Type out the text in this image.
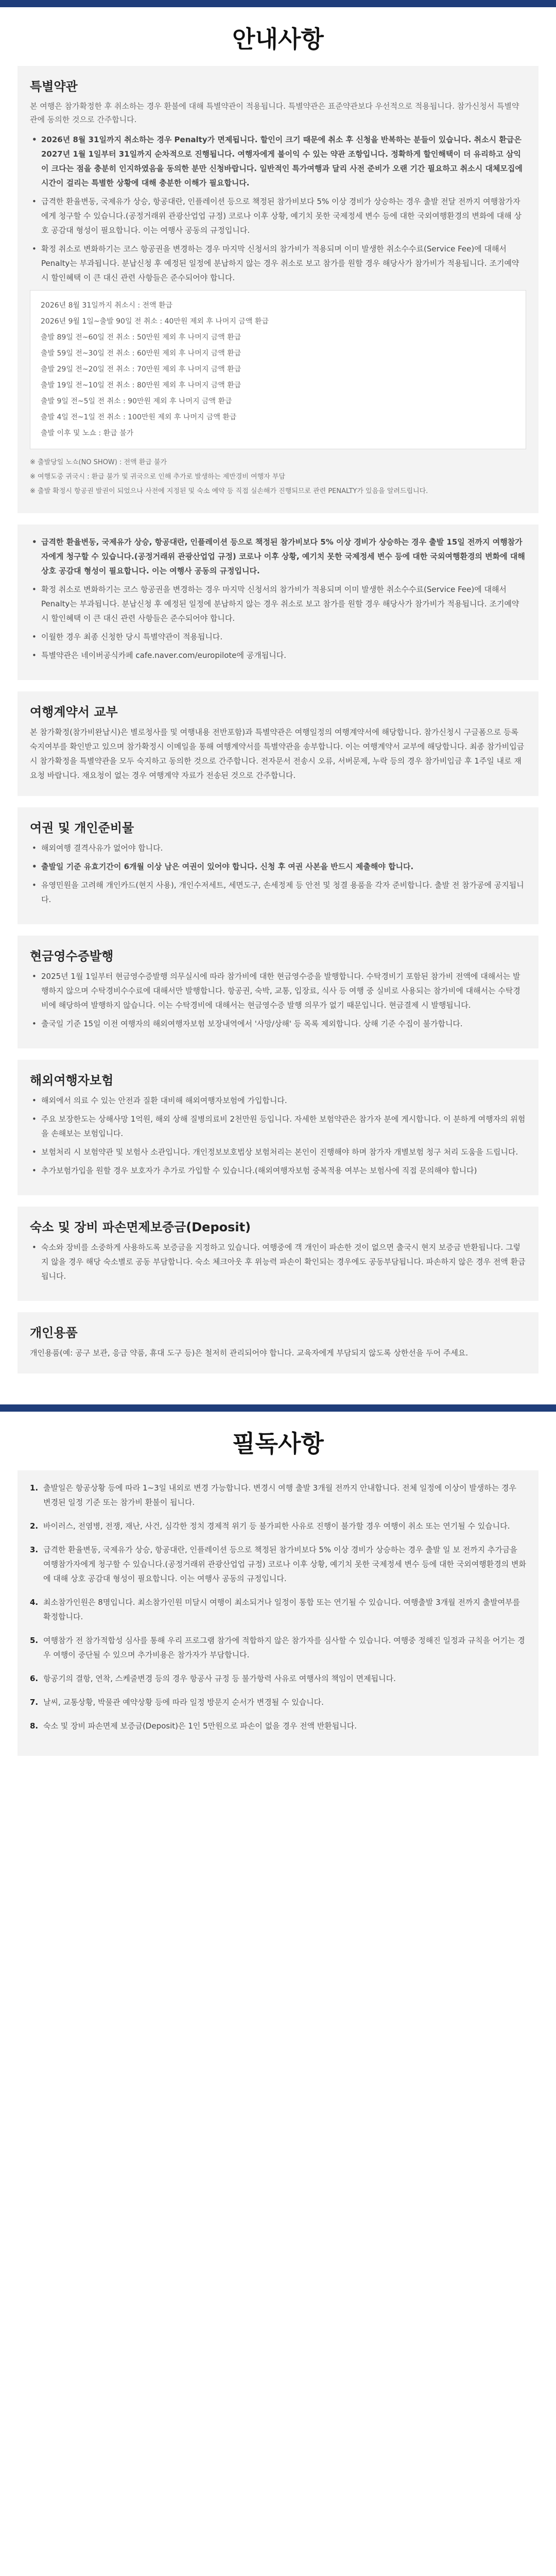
안내사항
특별약관
본 여행은 참가확정한 후 취소하는 경우 환불에 대해 특별약관이 적용됩니다. 특별약관은 표준약관보다 우선적으로 적용됩니다. 참가신청서 특별약관에 동의한 것으로 간주합니다.
• 2026년 8월 31일까지 취소하는 경우 Penalty가 면제됩니다. 할인이 크기 때문에 취소 후 신청을 반복하는 분들이 있습니다. 취소시 환급은 2027년 1월 1일부터 31일까지 순차적으로 진행됩니다. 여행자에게 불이익 수 있는 약관 조항입니다. 정확하게 할인해택이 더 유리하고 삼익이 크다는 점을 충분히 인지하였음을 동의한 분만 신청바랍니다. 일반적인 특가여행과 달리 사전 준비가 오랜 기간 필요하고 취소시 대체모집에 시간이 걸리는 특별한 상황에 대해 충분한 이해가 필요합니다.
• 급격한 환율변동, 국제유가 상승, 항공대란, 인플레이션 등으로 책정된 참가비보다 5% 이상 경비가 상승하는 경우 출발 전달 전까지 여행참가자에게 청구할 수 있습니다.(공정거래위 관광산업업 규정) 코로나 이후 상황, 예기치 못한 국제정세 변수 등에 대한 국외여행환경의 변화에 대해 상호 공감대 형성이 필요합니다. 이는 여행사 공동의 규정입니다.
• 확정 취소로 변화하기는 코스 항공권을 변경하는 경우 마지막 신청서의 참가비가 적용되며 이미 발생한 취소수수료(Service Fee)에 대해서 Penalty는 부과됩니다. 분납신청 후 예정된 일정에 분납하지 않는 경우 취소로 보고 참가를 원할 경우 해당사가 참가비가 적용됩니다. 조기예약시 할인혜택 이 큰 대신 관련 사항들은 준수되어야 합니다.

2026년 8월 31일까지 취소시 : 전액 환급

2026년 9월 1일~출발 90일 전 취소 : 40만원 제외 후 나머지 금액 환급

출발 89일 전~60일 전 취소 : 50만원 제외 후 나머지 금액 환급

출발 59일 전~30일 전 취소 : 60만원 제외 후 나머지 금액 환급

출발 29일 전~20일 전 취소 : 70만원 제외 후 나머지 금액 환급

출발 19일 전~10일 전 취소 : 80만원 제외 후 나머지 금액 환급

출발 9일 전~5일 전 취소 : 90만원 제외 후 나머지 금액 환급

출발 4일 전~1일 전 취소 : 100만원 제외 후 나머지 금액 환급

출발 이후 및 노쇼 : 환급 불가

※ 출발당일 노쇼(NO SHOW) : 전액 환급 불가

※ 여행도중 귀국시 : 환급 불가 및 귀국으로 인해 추가로 발생하는 제반경비 여행자 부담

※ 출발 확정시 항공권 발권이 되었으나 사전에 지정된 및 숙소 예약 등 직접 실손해가 진행되므로 관련 PENALTY가 있음을 알려드립니다.

• 급격한 환율변동, 국제유가 상승, 항공대란, 인플레이션 등으로 책정된 참가비보다 5% 이상 경비가 상승하는 경우 출발 15일 전까지 여행참가자에게 청구할 수 있습니다.(공정거래위 관광산업업 규정) 코로나 이후 상황, 예기치 못한 국제정세 변수 등에 대한 국외여행환경의 변화에 대해 상호 공감대 형성이 필요합니다. 이는 여행사 공동의 규정입니다.
• 확정 취소로 변화하기는 코스 항공권을 변경하는 경우 마지막 신청서의 참가비가 적용되며 이미 발생한 취소수수료(Service Fee)에 대해서 Penalty는 부과됩니다. 분납신청 후 예정된 일정에 분납하지 않는 경우 취소로 보고 참가를 원할 경우 해당사가 참가비가 적용됩니다. 조기예약시 할인혜택 이 큰 대신 관련 사항들은 준수되어야 합니다.
• 이월한 경우 최종 신청한 당시 특별약관이 적용됩니다.
• 특별약관은 네이버공식카페 cafe.naver.com/europilote에 공개됩니다.
여행계약서 교부
본 참가확정(참가비완납시)은 별로청사를 및 여행내용 전반포함)과 특별약관은 여행일정의 여행계약서에 해당합니다. 참가신청시 구글폼으로 등록 숙지여부를 확인받고 있으며 참가확정시 이메일을 통해 여행계약서를 특별약관을 송부합니다. 이는 여행계약서 교부에 해당합니다. 최종 참가비입금시 참가확정을 특별약관을 모두 숙지하고 동의한 것으로 간주합니다. 전자문서 전송시 오류, 서버문제, 누락 등의 경우 참가비입금 후 1주일 내로 재요청 바랍니다. 재요청이 없는 경우 여행계약 자료가 전송된 것으로 간주합니다.
여권 및 개인준비물
• 해외여행 결격사유가 없어야 합니다.
• 출발일 기준 유효기간이 6개월 이상 남은 여권이 있어야 합니다. 신청 후 여권 사본을 반드시 제출해야 합니다.
• 유영민원을 고려해 개인카드(현지 사용), 개인수저세트, 세면도구, 손세정제 등 안전 및 청결 용품을 각자 준비합니다. 출발 전 참가공에 공지됩니다.
현금영수증발행
• 2025년 1월 1일부터 현금영수증발행 의무실시에 따라 참가비에 대한 현금영수증을 발행합니다. 수탁경비기 포함된 참가비 전액에 대해서는 발행하지 않으며 수탁경비수수료에 대해서만 발행합니다. 항공권, 숙박, 교통, 입장료, 식사 등 여행 중 실비로 사용되는 참가비에 대해서는 수탁경비에 해당하여 발행하지 않습니다. 이는 수탁경비에 대해서는 현금영수증 발행 의무가 없기 때문입니다. 현금결제 시 발행됩니다.
• 출국일 기준 15일 이전 여행자의 해외여행자보험 보장내역에서 '사망/상해' 등 목록 제외합니다. 상해 기준 수집이 불가합니다.
해외여행자보험
• 해외에서 의료 수 있는 안전과 질환 대비해 해외여행자보험에 가입합니다.
• 주요 보장한도는 상해사망 1억원, 해외 상해 질병의료비 2천만원 등입니다. 자세한 보험약관은 참가자 분에 게시합니다. 이 분하게 여행자의 위험을 손해보는 보험입니다.
• 보험처리 시 보험약관 및 보험사 소관입니다. 개인정보보호법상 보험처리는 본인이 진행해야 하며 참가자 개별보험 청구 처리 도움을 드립니다.
• 추가보험가입을 원할 경우 보호자가 추가로 가입할 수 있습니다.(해외여행자보험 중복적용 여부는 보험사에 직접 문의해야 합니다)
숙소 및 장비 파손면제보증금(Deposit)
• 숙소와 장비를 소중하게 사용하도록 보증금을 지정하고 있습니다. 여행중에 객 개인이 파손한 것이 없으면 출국시 현지 보증금 반환됩니다. 그렇지 않을 경우 해당 숙소별로 공동 부담합니다. 숙소 체크아웃 후 위능력 파손이 확인되는 경우에도 공동부담됩니다. 파손하지 않은 경우 전액 환급됩니다.
개인용품
개인용품(예: 공구 보관, 응급 약품, 휴대 도구 등)은 철저히 관리되어야 합니다. 교육자에게 부담되지 않도록 상한선을 두어 주세요.
필독사항
1. 출발일은 항공상황 등에 따라 1~3일 내외로 변경 가능합니다. 변경시 여행 출발 3개월 전까지 안내합니다. 전체 일정에 이상이 발생하는 경우 변경된 일정 기준 또는 참가비 환불이 됩니다.
2. 바이러스, 전염병, 전쟁, 재난, 사건, 심각한 정치 경제적 위기 등 불가피한 사유로 진행이 불가할 경우 여행이 취소 또는 연기될 수 있습니다.
3. 급격한 환율변동, 국제유가 상승, 항공대란, 인플레이션 등으로 책정된 참가비보다 5% 이상 경비가 상승하는 경우 출발 일 보 전까지 추가금을 여행참가자에게 청구할 수 있습니다.(공정거래위 관광산업업 규정) 코로나 이후 상황, 예기치 못한 국제정세 변수 등에 대한 국외여행환경의 변화에 대해 상호 공감대 형성이 필요합니다. 이는 여행사 공동의 규정입니다.
4. 최소참가인원은 8명입니다. 최소참가인원 미달시 여행이 최소되거나 일정이 통합 또는 연기될 수 있습니다. 여행출발 3개월 전까지 출발여부를 확정합니다.
5. 여행참가 전 참가적합성 심사를 통해 우리 프로그램 참가에 적합하지 않은 참가자를 심사할 수 있습니다. 여행중 정해진 일정과 규칙을 어기는 경우 여행이 중단될 수 있으며 추가비용은 참가자가 부담합니다.
6. 항공기의 결항, 연착, 스케줄변경 등의 경우 항공사 규정 등 불가항력 사유로 여행사의 책임이 면제됩니다.
7. 날씨, 교통상황, 박물관 예약상황 등에 따라 일정 방문지 순서가 변경될 수 있습니다.
8. 숙소 및 장비 파손면제 보증금(Deposit)은 1인 5만원으로 파손이 없을 경우 전액 반환됩니다.
